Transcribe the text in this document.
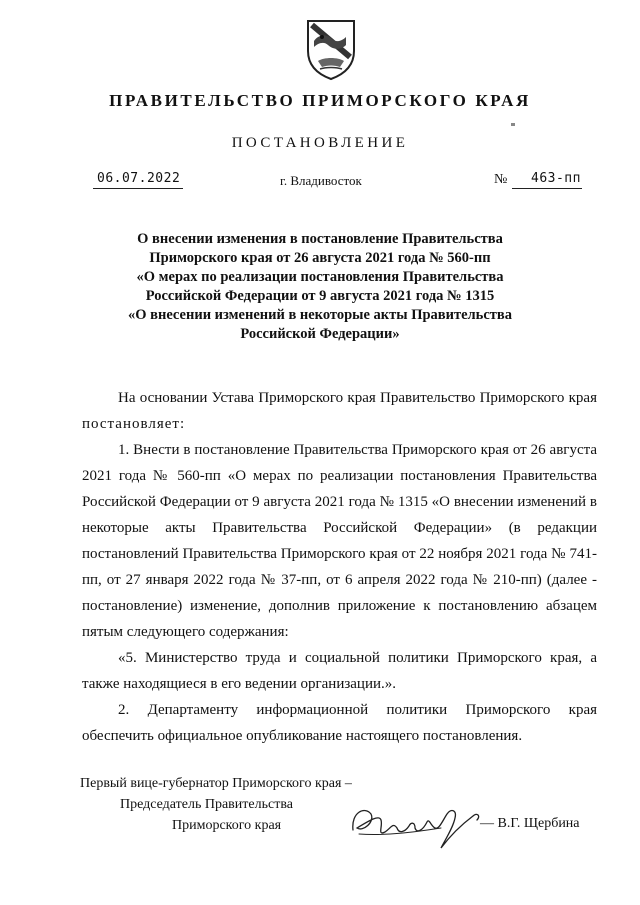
ПРАВИТЕЛЬСТВО ПРИМОРСКОГО КРАЯ
ПОСТАНОВЛЕНИЕ
06.07.2022	г. Владивосток	№ 463-пп
О внесении изменения в постановление Правительства
Приморского края от 26 августа 2021 года № 560-пп
«О мерах по реализации постановления Правительства
Российской Федерации от 9 августа 2021 года № 1315
«О внесении изменений в некоторые акты Правительства
Российской Федерации»

На основании Устава Приморского края Правительство Приморского края постановляет:

1. Внести в постановление Правительства Приморского края от 26 августа 2021 года № 560-пп «О мерах по реализации постановления Правительства Российской Федерации от 9 августа 2021 года № 1315 «О внесении изменений в некоторые акты Правительства Российской Федерации» (в редакции постановлений Правительства Приморского края от 22 ноября 2021 года № 741-пп, от 27 января 2022 года № 37-пп, от 6 апреля 2022 года № 210-пп) (далее - постановление) изменение, дополнив приложение к постановлению абзацем пятым следующего содержания:

«5. Министерство труда и социальной политики Приморского края, а также находящиеся в его ведении организации.».

2. Департаменту информационной политики Приморского края обеспечить официальное опубликование настоящего постановления.

Первый вице-губернатор Приморского края –
Председатель Правительства
Приморского края	— В.Г. Щербина
